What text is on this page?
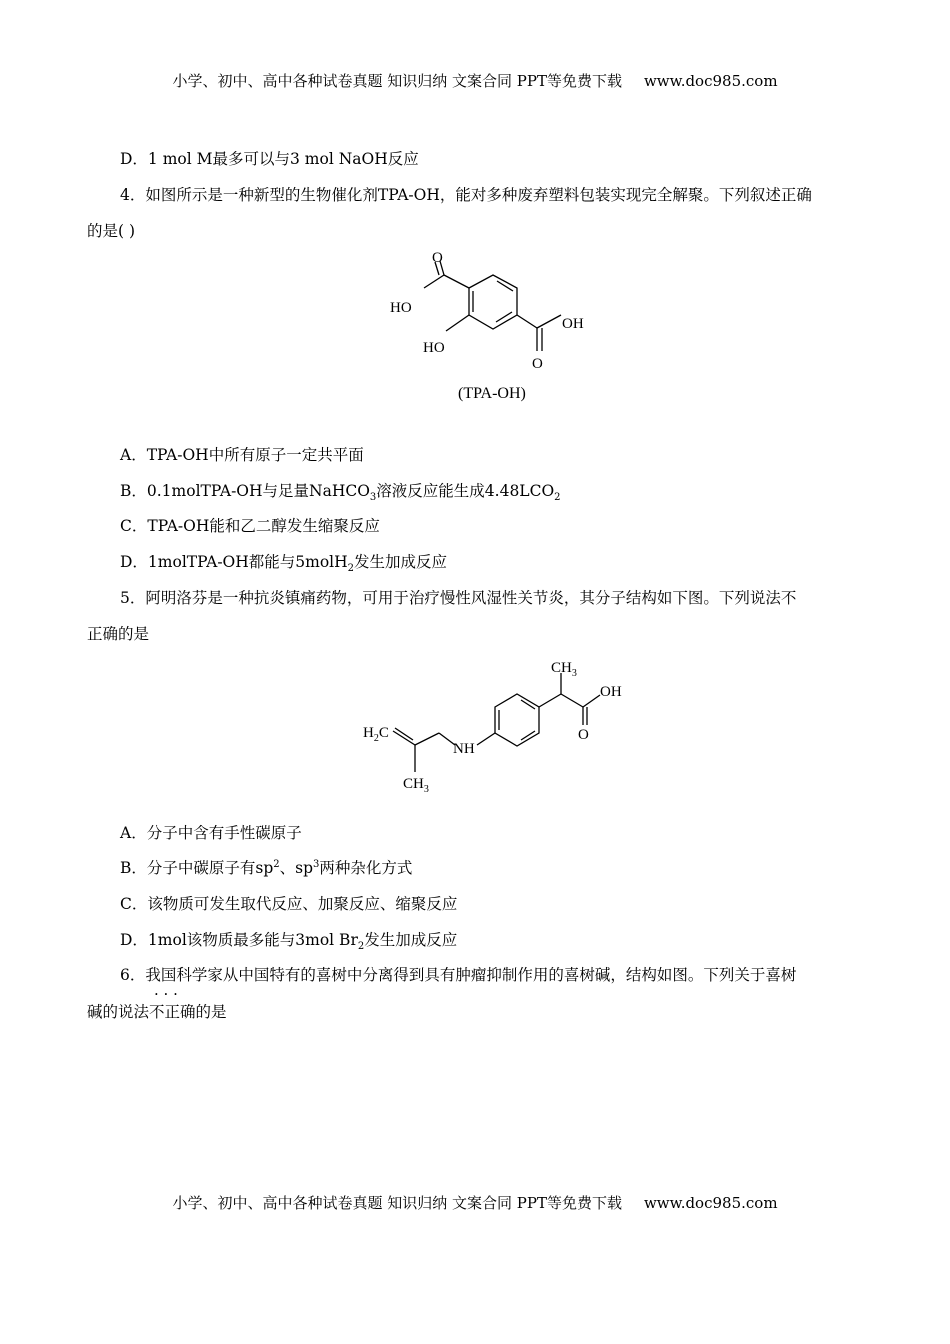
小学、初中、高中各种试卷真题 知识归纳 文案合同 PPT等免费下载 www.doc985.com
D．1 mol M最多可以与3 mol NaOH反应
4．如图所示是一种新型的生物催化剂TPA-OH，能对多种废弃塑料包装实现完全解聚。下列叙述正确
的是( )
O
HO
HO
OH
O
(TPA-OH)
A．TPA-OH中所有原子一定共平面
B．0.1molTPA-OH与足量NaHCO$_3$溶液反应能生成$4.48LCO_2$
C．TPA-OH能和乙二醇发生缩聚反应
D．1molTPA-OH都能与5molH$_2$发生加成反应
5．阿明洛芬是一种抗炎镇痛药物，可用于治疗慢性风湿性关节炎，其分子结构如下图。下列说法不
正确的是
$CH_3$
OH
O
$H_2C$
NH
$CH_3$
A．分子中含有手性碳原子
B．分子中碳原子有$sp^2$、$sp^3$两种杂化方式
C．该物质可发生取代反应、加聚反应、缩聚反应
D．1mol该物质最多能与3mol $Br_2$发生加成反应
6．我国科学家从中国特有的喜树中分离得到具有肿瘤抑制作用的喜树碱，结构如图。下列关于喜树
· · ·
碱的说法不正确的是
小学、初中、高中各种试卷真题 知识归纳 文案合同 PPT等免费下载 www.doc985.com
